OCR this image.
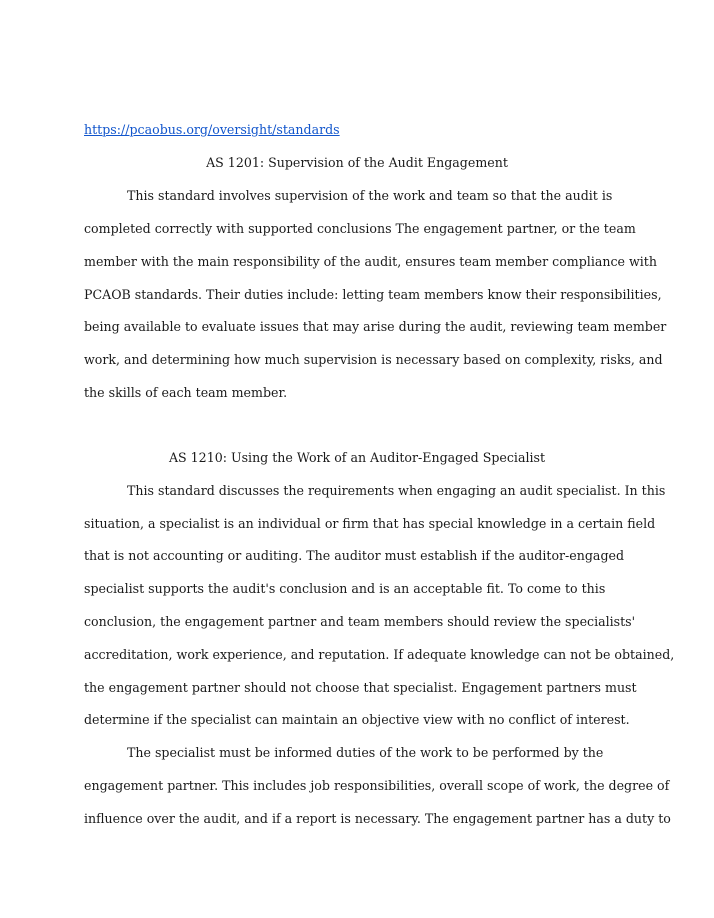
https://pcaobus.org/oversight/standards
AS 1201: Supervision of the Audit Engagement
This standard involves supervision of the work and team so that the audit is
completed correctly with supported conclusions The engagement partner, or the team
member with the main responsibility of the audit, ensures team member compliance with
PCAOB standards. Their duties include: letting team members know their responsibilities,
being available to evaluate issues that may arise during the audit, reviewing team member
work, and determining how much supervision is necessary based on complexity, risks, and
the skills of each team member.
AS 1210: Using the Work of an Auditor-Engaged Specialist
This standard discusses the requirements when engaging an audit specialist. In this
situation, a specialist is an individual or firm that has special knowledge in a certain field
that is not accounting or auditing. The auditor must establish if the auditor-engaged
specialist supports the audit's conclusion and is an acceptable fit. To come to this
conclusion, the engagement partner and team members should review the specialists'
accreditation, work experience, and reputation. If adequate knowledge can not be obtained,
the engagement partner should not choose that specialist. Engagement partners must
determine if the specialist can maintain an objective view with no conflict of interest.
The specialist must be informed duties of the work to be performed by the
engagement partner. This includes job responsibilities, overall scope of work, the degree of
influence over the audit, and if a report is necessary. The engagement partner has a duty to
